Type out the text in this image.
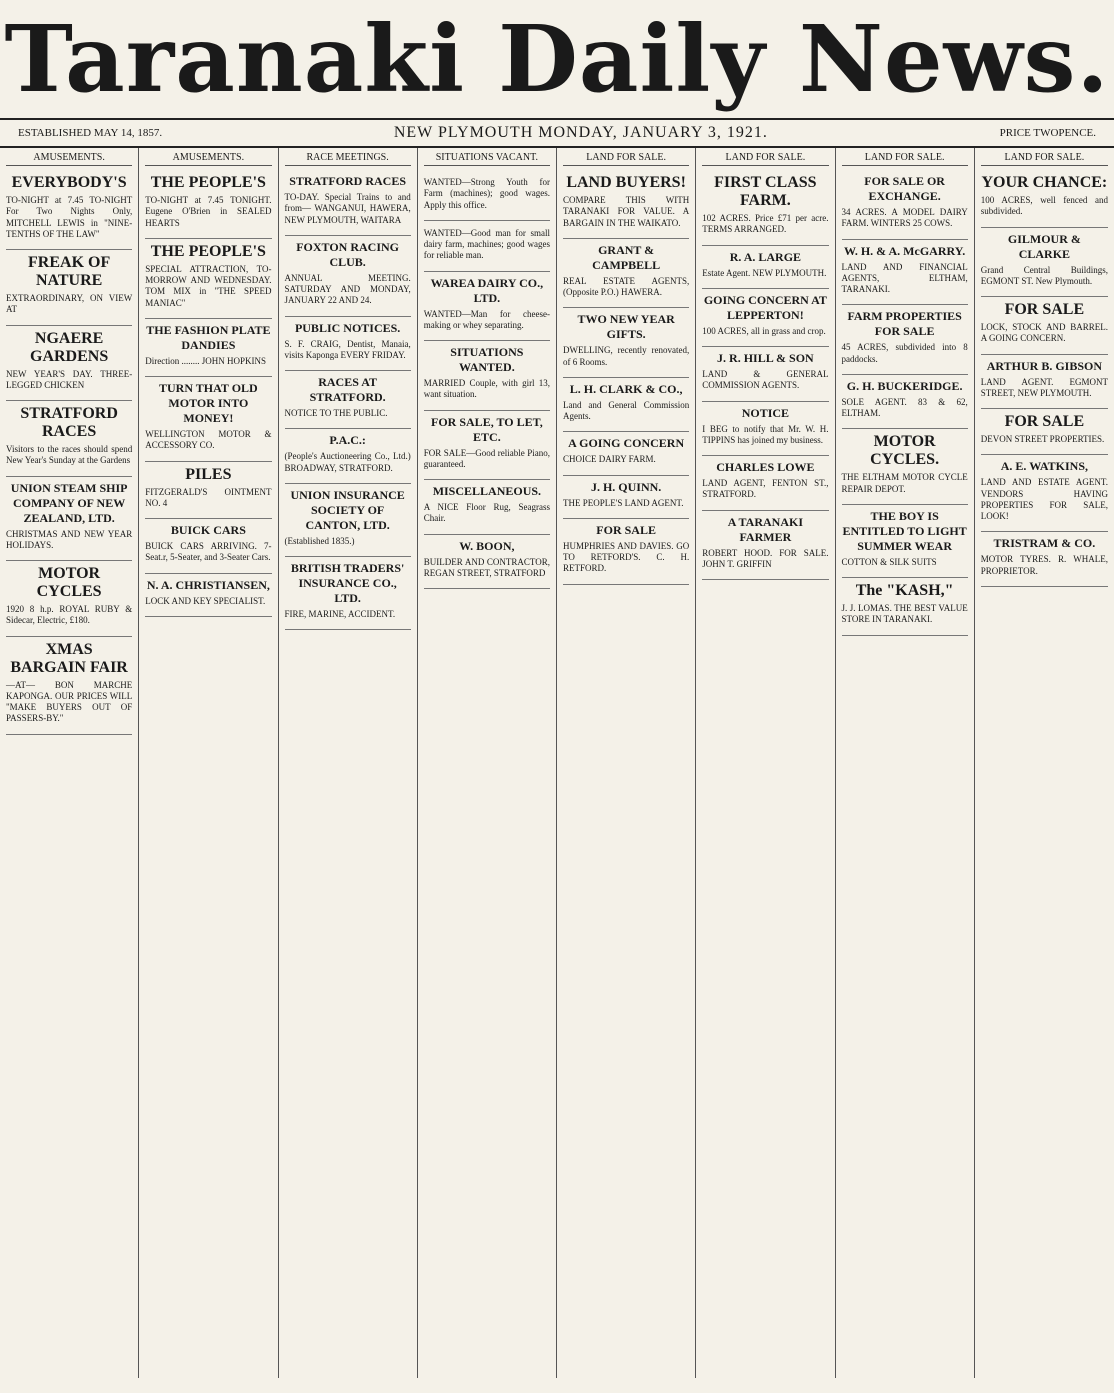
Taranaki Daily News.
ESTABLISHED MAY 14, 1857.	NEW PLYMOUTH MONDAY, JANUARY 3, 1921.	PRICE TWOPENCE.
AMUSEMENTS.
EVERYBODY'S

TO-NIGHT at 7.45 TO-NIGHT For Two Nights Only, MITCHELL LEWIS in "NINE-TENTHS OF THE LAW"

FREAK OF NATURE

EXTRAORDINARY, ON VIEW AT

NGAERE GARDENS

NEW YEAR'S DAY. THREE-LEGGED CHICKEN

STRATFORD RACES

Visitors to the races should spend New Year's Sunday at the Gardens

UNION STEAM SHIP COMPANY OF NEW ZEALAND, LTD.

CHRISTMAS AND NEW YEAR HOLIDAYS.

MOTOR CYCLES

1920 8 h.p. ROYAL RUBY & Sidecar, Electric, £180.

XMAS BARGAIN FAIR

—AT— BON MARCHE KAPONGA. OUR PRICES WILL "MAKE BUYERS OUT OF PASSERS-BY."

AMUSEMENTS.
THE PEOPLE'S

TO-NIGHT at 7.45 TONIGHT. Eugene O'Brien in SEALED HEARTS

THE PEOPLE'S

SPECIAL ATTRACTION, TO-MORROW AND WEDNESDAY. TOM MIX in "THE SPEED MANIAC"

THE FASHION PLATE DANDIES

Direction ........ JOHN HOPKINS

TURN THAT OLD MOTOR INTO MONEY!

WELLINGTON MOTOR & ACCESSORY CO.

PILES

FITZGERALD'S OINTMENT NO. 4

BUICK CARS

BUICK CARS ARRIVING. 7-Seat.r, 5-Seater, and 3-Seater Cars.

N. A. CHRISTIANSEN,

LOCK AND KEY SPECIALIST.

RACE MEETINGS.
STRATFORD RACES

TO-DAY. Special Trains to and from— WANGANUI, HAWERA, NEW PLYMOUTH, WAITARA

FOXTON RACING CLUB.

ANNUAL MEETING. SATURDAY AND MONDAY, JANUARY 22 AND 24.

PUBLIC NOTICES.

S. F. CRAIG, Dentist, Manaia, visits Kaponga EVERY FRIDAY.

RACES AT STRATFORD.

NOTICE TO THE PUBLIC.

P.A.C.:

(People's Auctioneering Co., Ltd.) BROADWAY, STRATFORD.

UNION INSURANCE SOCIETY OF CANTON, LTD.

(Established 1835.)

BRITISH TRADERS' INSURANCE CO., LTD.

FIRE, MARINE, ACCIDENT.

SITUATIONS VACANT.

WANTED—Strong Youth for Farm (machines); good wages. Apply this office.

WANTED—Good man for small dairy farm, machines; good wages for reliable man.

WAREA DAIRY CO., LTD.

WANTED—Man for cheese-making or whey separating.

SITUATIONS WANTED.

MARRIED Couple, with girl 13, want situation.

FOR SALE, TO LET, ETC.

FOR SALE—Good reliable Piano, guaranteed.

MISCELLANEOUS.

A NICE Floor Rug, Seagrass Chair.

W. BOON,

BUILDER AND CONTRACTOR, REGAN STREET, STRATFORD

LAND FOR SALE.
LAND BUYERS!

COMPARE THIS WITH TARANAKI FOR VALUE. A BARGAIN IN THE WAIKATO.

GRANT & CAMPBELL

REAL ESTATE AGENTS, (Opposite P.O.) HAWERA.

TWO NEW YEAR GIFTS.

DWELLING, recently renovated, of 6 Rooms.

L. H. CLARK & CO.,

Land and General Commission Agents.

A GOING CONCERN

CHOICE DAIRY FARM.

J. H. QUINN.

THE PEOPLE'S LAND AGENT.

FOR SALE

HUMPHRIES AND DAVIES. GO TO RETFORD'S. C. H. RETFORD.

LAND FOR SALE.
FIRST CLASS FARM.

102 ACRES. Price £71 per acre. TERMS ARRANGED.

R. A. LARGE

Estate Agent. NEW PLYMOUTH.

GOING CONCERN AT LEPPERTON!

100 ACRES, all in grass and crop.

J. R. HILL & SON

LAND & GENERAL COMMISSION AGENTS.

NOTICE

I BEG to notify that Mr. W. H. TIPPINS has joined my business.

CHARLES LOWE

LAND AGENT, FENTON ST., STRATFORD.

A TARANAKI FARMER

ROBERT HOOD. FOR SALE. JOHN T. GRIFFIN

LAND FOR SALE.
FOR SALE OR EXCHANGE.

34 ACRES. A MODEL DAIRY FARM. WINTERS 25 COWS.

W. H. & A. McGARRY.

LAND AND FINANCIAL AGENTS, ELTHAM, TARANAKI.

FARM PROPERTIES FOR SALE

45 ACRES, subdivided into 8 paddocks.

G. H. BUCKERIDGE.

SOLE AGENT. 83 & 62, ELTHAM.

MOTOR CYCLES.

THE ELTHAM MOTOR CYCLE REPAIR DEPOT.

THE BOY IS ENTITLED TO LIGHT SUMMER WEAR

COTTON & SILK SUITS

The "KASH,"

J. J. LOMAS. THE BEST VALUE STORE IN TARANAKI.

LAND FOR SALE.
YOUR CHANCE:

100 ACRES, well fenced and subdivided.

GILMOUR & CLARKE

Grand Central Buildings, EGMONT ST. New Plymouth.

FOR SALE

LOCK, STOCK AND BARREL. A GOING CONCERN.

ARTHUR B. GIBSON

LAND AGENT. EGMONT STREET, NEW PLYMOUTH.

FOR SALE

DEVON STREET PROPERTIES.

A. E. WATKINS,

LAND AND ESTATE AGENT. VENDORS HAVING PROPERTIES FOR SALE, LOOK!

TRISTRAM & CO.

MOTOR TYRES. R. WHALE, PROPRIETOR.
